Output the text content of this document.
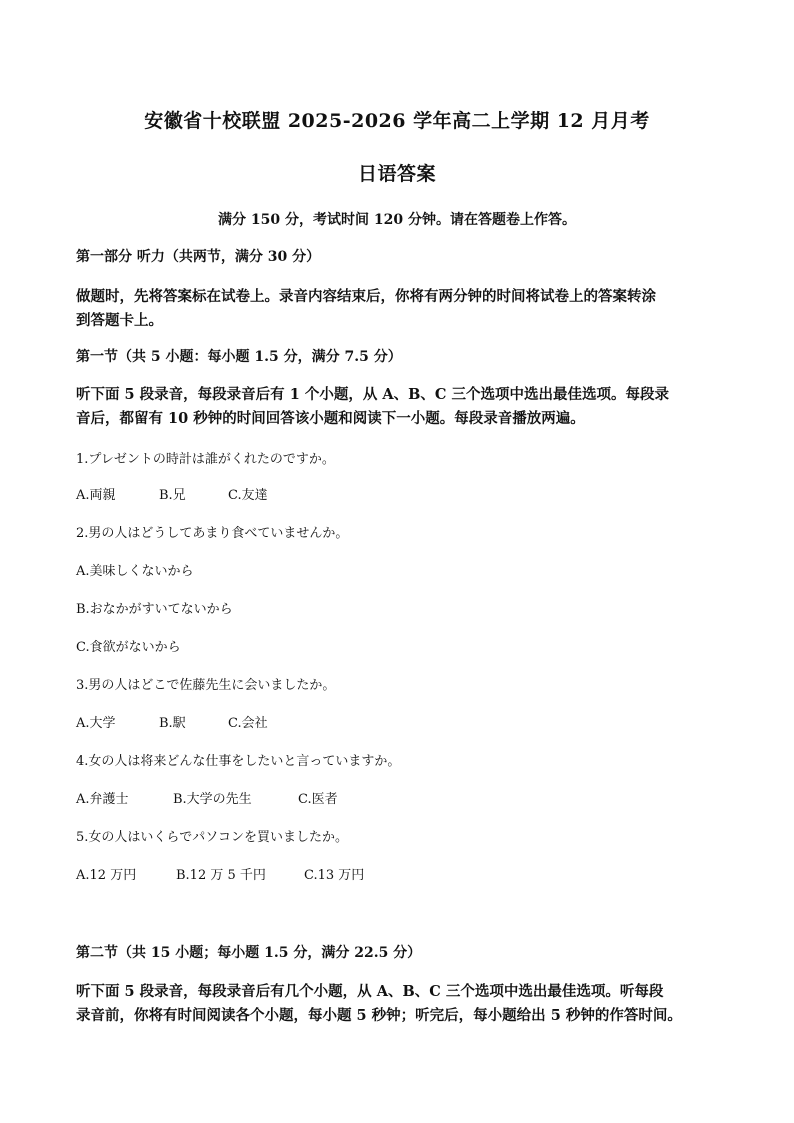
安徽省十校联盟 2025-2026 学年高二上学期 12 月月考
日语答案
满分 150 分，考试时间 120 分钟。请在答题卷上作答。
第一部分 听力（共两节，满分 30 分）
做题时，先将答案标在试卷上。录音内容结束后，你将有两分钟的时间将试卷上的答案转涂
到答题卡上。
第一节（共 5 小题：每小题 1.5 分，满分 7.5 分）
听下面 5 段录音，每段录音后有 1 个小题，从 A、B、C 三个选项中选出最佳选项。每段录
音后，都留有 10 秒钟的时间回答该小题和阅读下一小题。每段录音播放两遍。
1.プレゼントの時計は誰がくれたのですか。
A.両親	B.兄	C.友達
2.男の人はどうしてあまり食べていませんか。
A.美味しくないから
B.おなかがすいてないから
C.食欲がないから
3.男の人はどこで佐藤先生に会いましたか。
A.大学	B.駅	C.会社
4.女の人は将来どんな仕事をしたいと言っていますか。
A.弁護士	B.大学の先生	C.医者
5.女の人はいくらでパソコンを買いましたか。
A.12 万円	B.12 万 5 千円	C.13 万円
第二节（共 15 小题；每小题 1.5 分，满分 22.5 分）
听下面 5 段录音，每段录音后有几个小题，从 A、B、C 三个选项中选出最佳选项。听每段
录音前，你将有时间阅读各个小题，每小题 5 秒钟；听完后，每小题给出 5 秒钟的作答时间。
